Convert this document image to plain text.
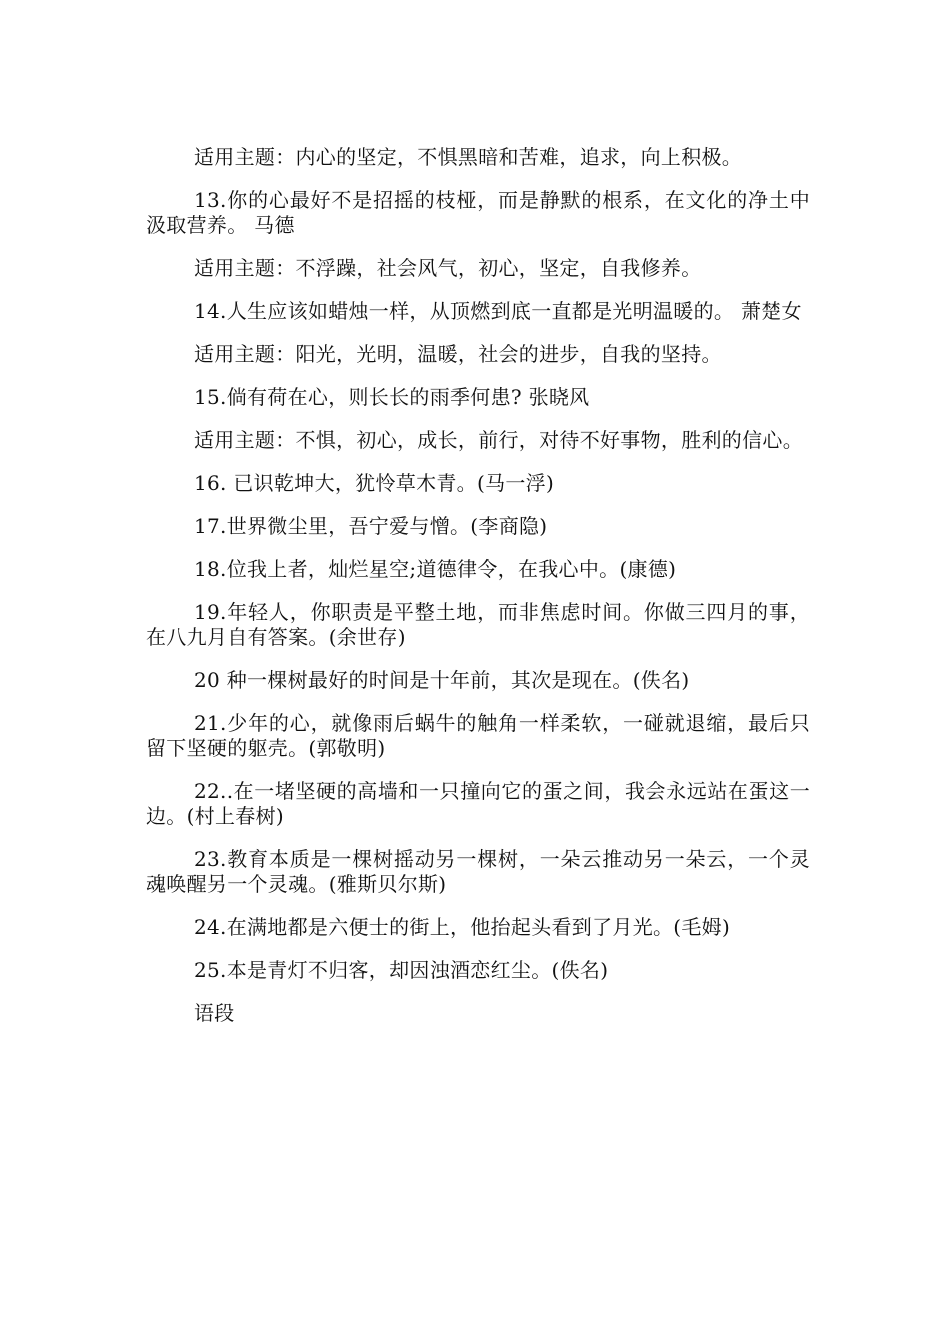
适用主题：内心的坚定，不惧黑暗和苦难，追求，向上积极。

13.你的心最好不是招摇的枝桠，而是静默的根系，在文化的净土中汲取营养。 马德

适用主题：不浮躁，社会风气，初心，坚定，自我修养。

14.人生应该如蜡烛一样，从顶燃到底一直都是光明温暖的。 萧楚女

适用主题：阳光，光明，温暖，社会的进步，自我的坚持。

15.倘有荷在心，则长长的雨季何患? 张晓风

适用主题：不惧，初心，成长，前行，对待不好事物，胜利的信心。

16. 已识乾坤大，犹怜草木青。(马一浮)

17.世界微尘里，吾宁爱与憎。(李商隐)

18.位我上者，灿烂星空;道德律令，在我心中。(康德)

19.年轻人，你职责是平整土地，而非焦虑时间。你做三四月的事，在八九月自有答案。(余世存)

20 种一棵树最好的时间是十年前，其次是现在。(佚名)

21.少年的心，就像雨后蜗牛的触角一样柔软，一碰就退缩，最后只留下坚硬的躯壳。(郭敬明)

22..在一堵坚硬的高墙和一只撞向它的蛋之间，我会永远站在蛋这一边。(村上春树)

23.教育本质是一棵树摇动另一棵树，一朵云推动另一朵云，一个灵魂唤醒另一个灵魂。(雅斯贝尔斯)

24.在满地都是六便士的街上，他抬起头看到了月光。(毛姆)

25.本是青灯不归客，却因浊酒恋红尘。(佚名)

语段
